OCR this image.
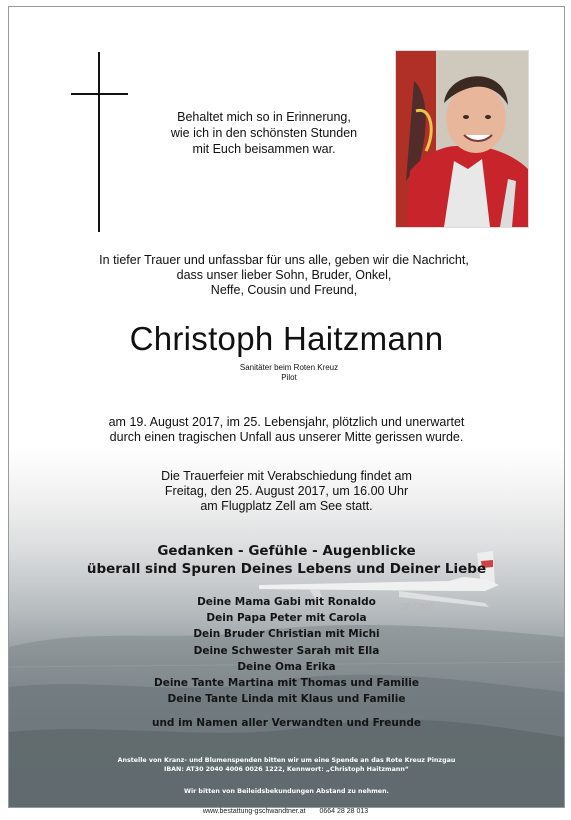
Behaltet mich so in Erinnerung,
wie ich in den schönsten Stunden
mit Euch beisammen war.
In tiefer Trauer und unfassbar für uns alle, geben wir die Nachricht,
dass unser lieber Sohn, Bruder, Onkel,
Neffe, Cousin und Freund,
Christoph Haitzmann
Sanitäter beim Roten Kreuz
Pilot
am 19. August 2017, im 25. Lebensjahr, plötzlich und unerwartet
durch einen tragischen Unfall aus unserer Mitte gerissen wurde.
Die Trauerfeier mit Verabschiedung findet am
Freitag, den 25. August 2017, um 16.00 Uhr
am Flugplatz Zell am See statt.
OE-CWM
Gedanken - Gefühle - Augenblicke
überall sind Spuren Deines Lebens und Deiner Liebe
Deine Mama Gabi mit Ronaldo
Dein Papa Peter mit Carola
Dein Bruder Christian mit Michi
Deine Schwester Sarah mit Ella
Deine Oma Erika
Deine Tante Martina mit Thomas und Familie
Deine Tante Linda mit Klaus und Familie
und im Namen aller Verwandten und Freunde
Anstelle von Kranz- und Blumenspenden bitten wir um eine Spende an das Rote Kreuz Pinzgau
IBAN: AT30 2040 4006 0026 1222, Kennwort: „Christoph Haitzmann“
Wir bitten von Beileidsbekundungen Abstand zu nehmen.
www.bestattung-gschwandtner.at 0664 28 28 013
